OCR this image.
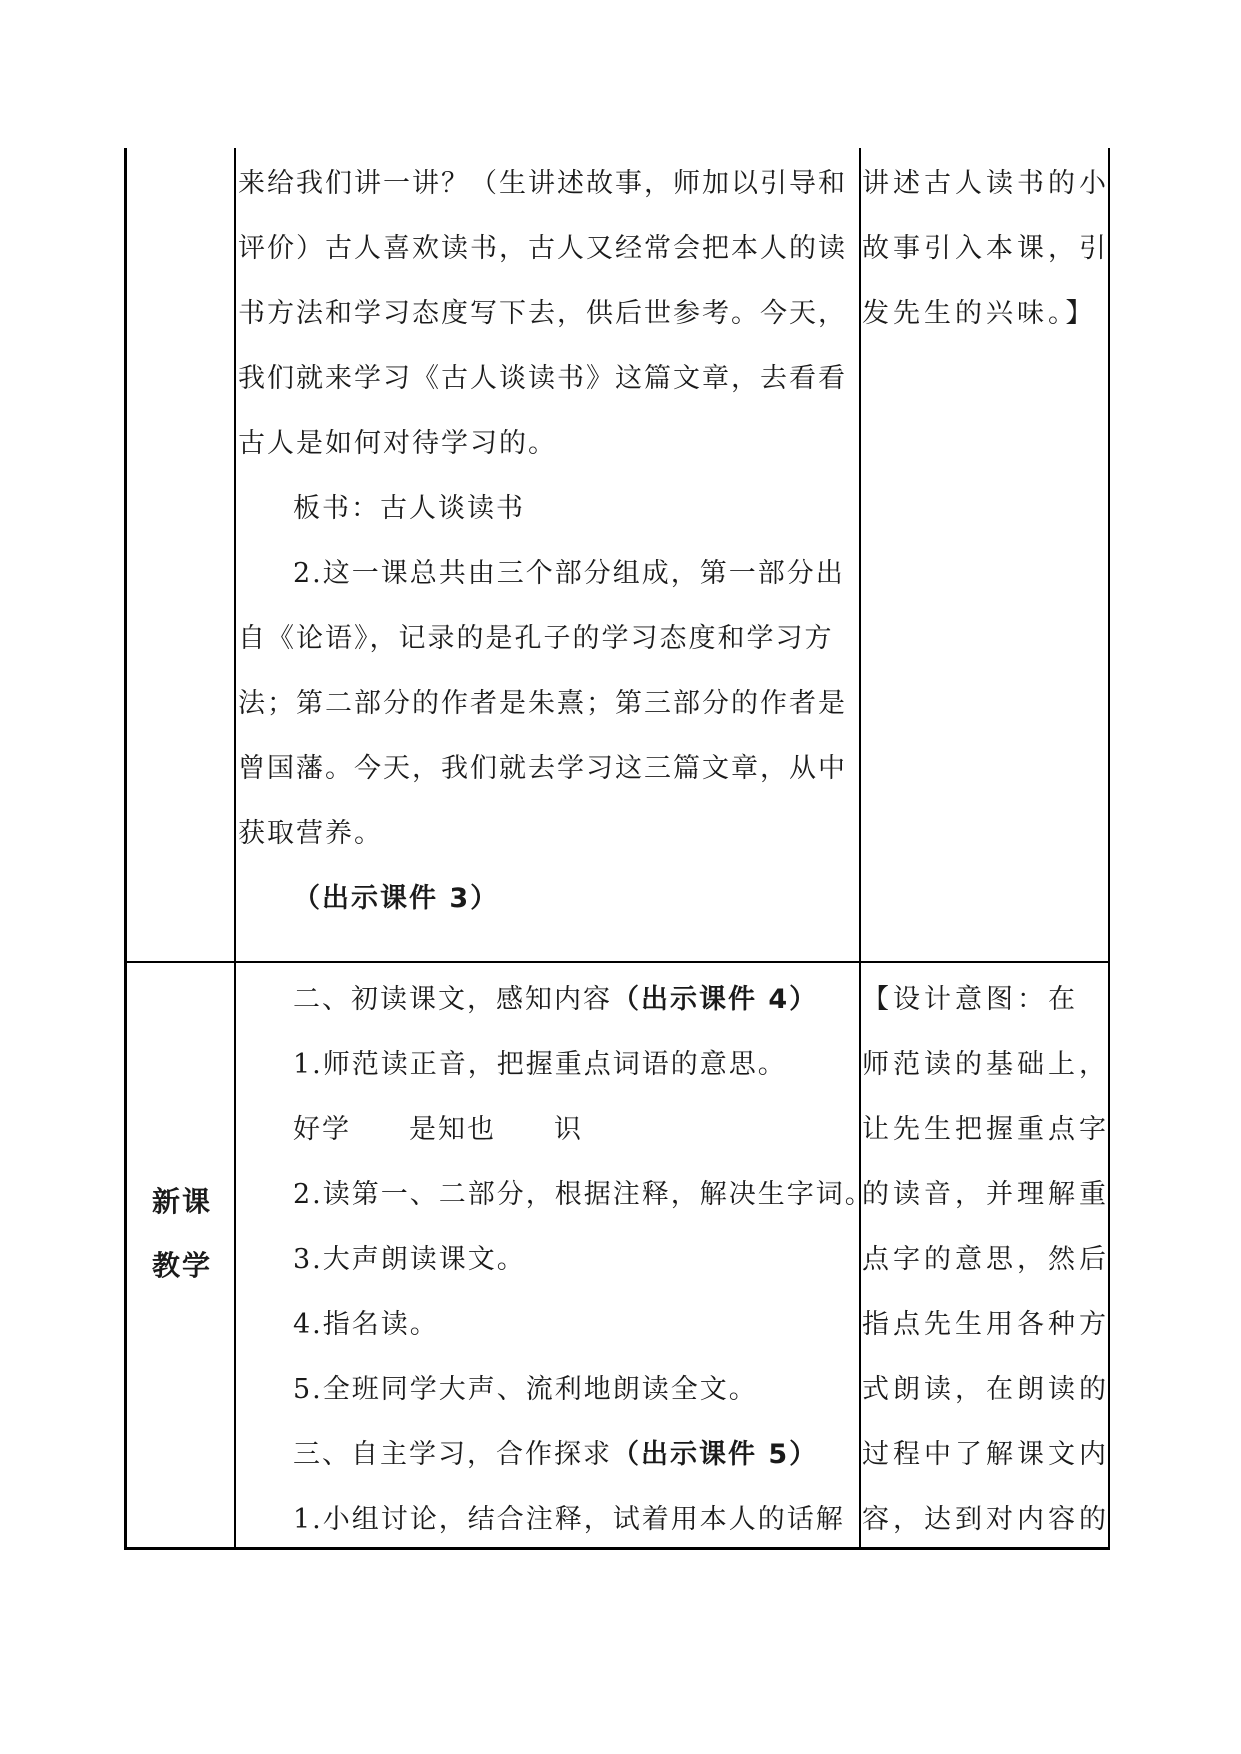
来给我们讲一讲？（生讲述故事，师加以引导和
评价）古人喜欢读书，古人又经常会把本人的读
书方法和学习态度写下去，供后世参考。今天，
我们就来学习《古人谈读书》这篇文章，去看看
古人是如何对待学习的。
板书：古人谈读书
2.这一课总共由三个部分组成，第一部分出
自《论语》，记录的是孔子的学习态度和学习方
法；第二部分的作者是朱熹；第三部分的作者是
曾国藩。今天，我们就去学习这三篇文章，从中
获取营养。
（出示课件 3）
讲述古人读书的小
故事引入本课，引
发先生的兴味。】
新课
教学
二、初读课文，感知内容（出示课件 4）
1.师范读正音，把握重点词语的意思。
好学　　是知也　　识
2.读第一、二部分，根据注释，解决生字词。
3.大声朗读课文。
4.指名读。
5.全班同学大声、流利地朗读全文。
三、自主学习，合作探求（出示课件 5）
1.小组讨论，结合注释，试着用本人的话解
【设计意图：在
师范读的基础上，
让先生把握重点字
的读音，并理解重
点字的意思，然后
指点先生用各种方
式朗读，在朗读的
过程中了解课文内
容，达到对内容的
